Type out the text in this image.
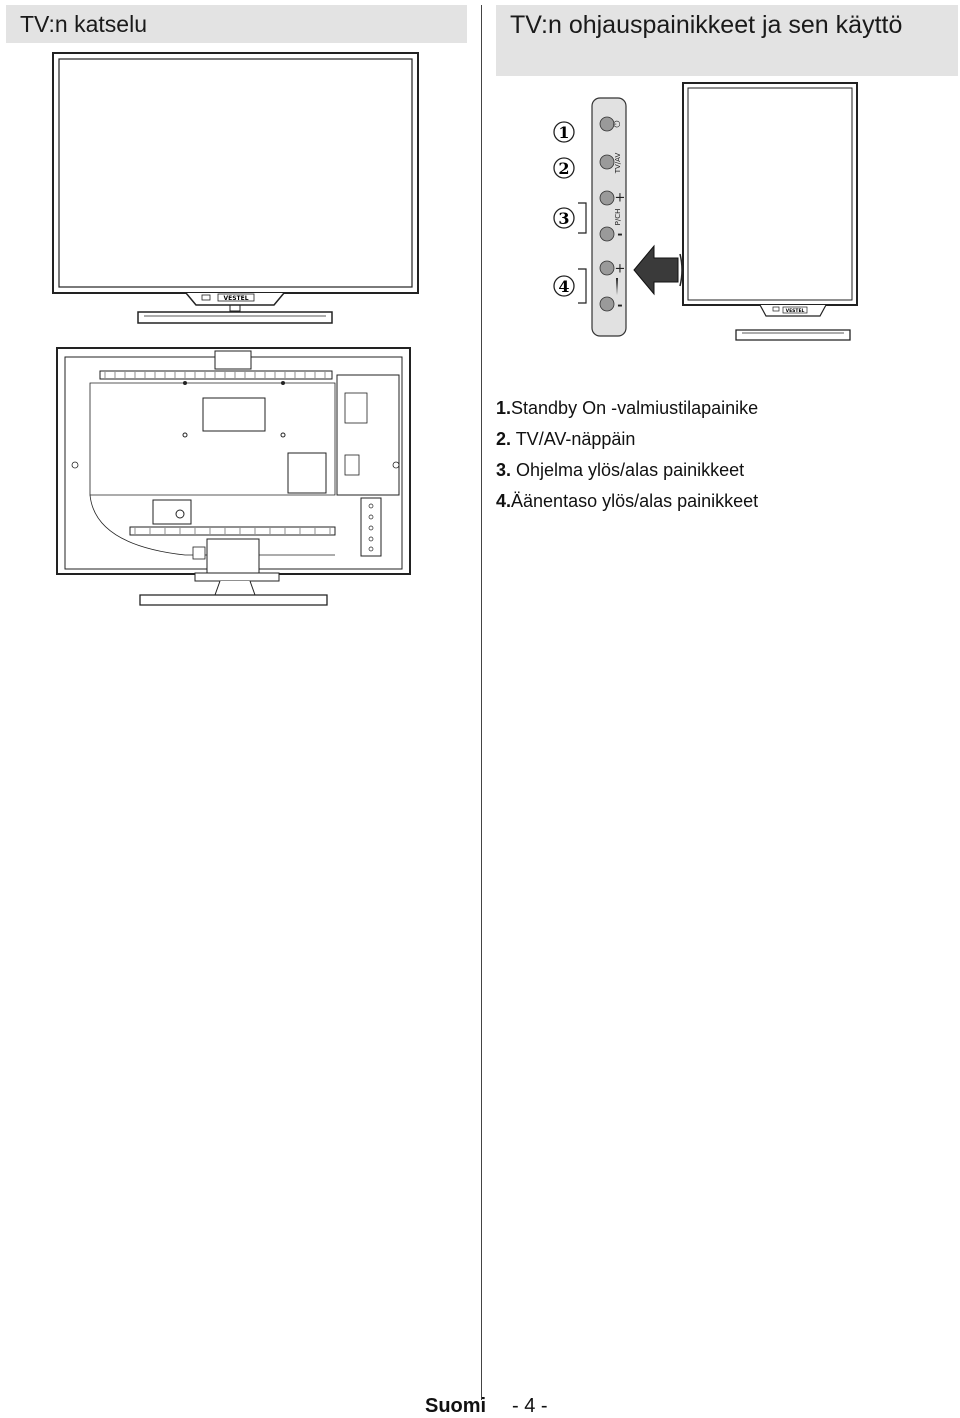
TV:n katselu	TV:n ohjauspainikkeet ja sen käyttö
VESTEL
1
2
3
4
⏻
TV/AV
+
P/CH
-
+
-	VESTEL
1.Standby On -valmiustilapainike
2. TV/AV-näppäin
3. Ohjelma ylös/alas painikkeet
4.Äänentaso ylös/alas painikkeet
Suomi - 4 -
